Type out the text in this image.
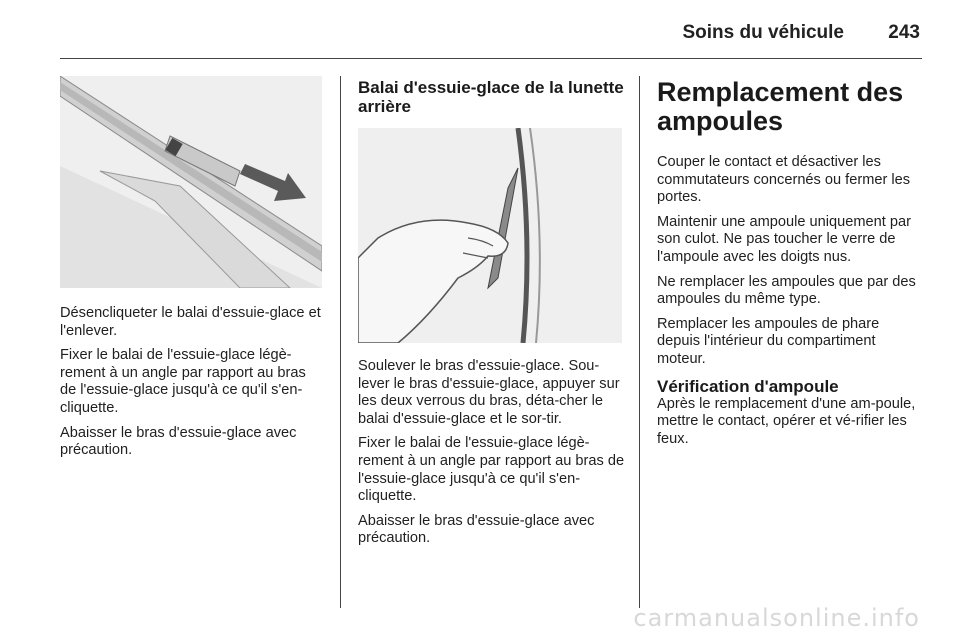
Soins du véhicule 243

Désencliqueter le balai d'essuie-glace et l'enlever.

Fixer le balai de l'essuie-glace légè-rement à un angle par rapport au bras de l'essuie-glace jusqu'à ce qu'il s'en-cliquette.

Abaisser le bras d'essuie-glace avec précaution.

Balai d'essuie-glace de la lunette arrière

Soulever le bras d'essuie-glace. Sou-lever le bras d'essuie-glace, appuyer sur les deux verrous du bras, déta-cher le balai d'essuie-glace et le sor-tir.

Fixer le balai de l'essuie-glace légè-rement à un angle par rapport au bras de l'essuie-glace jusqu'à ce qu'il s'en-cliquette.

Abaisser le bras d'essuie-glace avec précaution.

Remplacement des ampoules

Couper le contact et désactiver les commutateurs concernés ou fermer les portes.

Maintenir une ampoule uniquement par son culot. Ne pas toucher le verre de l'ampoule avec les doigts nus.

Ne remplacer les ampoules que par des ampoules du même type.

Remplacer les ampoules de phare depuis l'intérieur du compartiment moteur.

Vérification d'ampoule

Après le remplacement d'une am-poule, mettre le contact, opérer et vé-rifier les feux.

carmanualsonline.info
